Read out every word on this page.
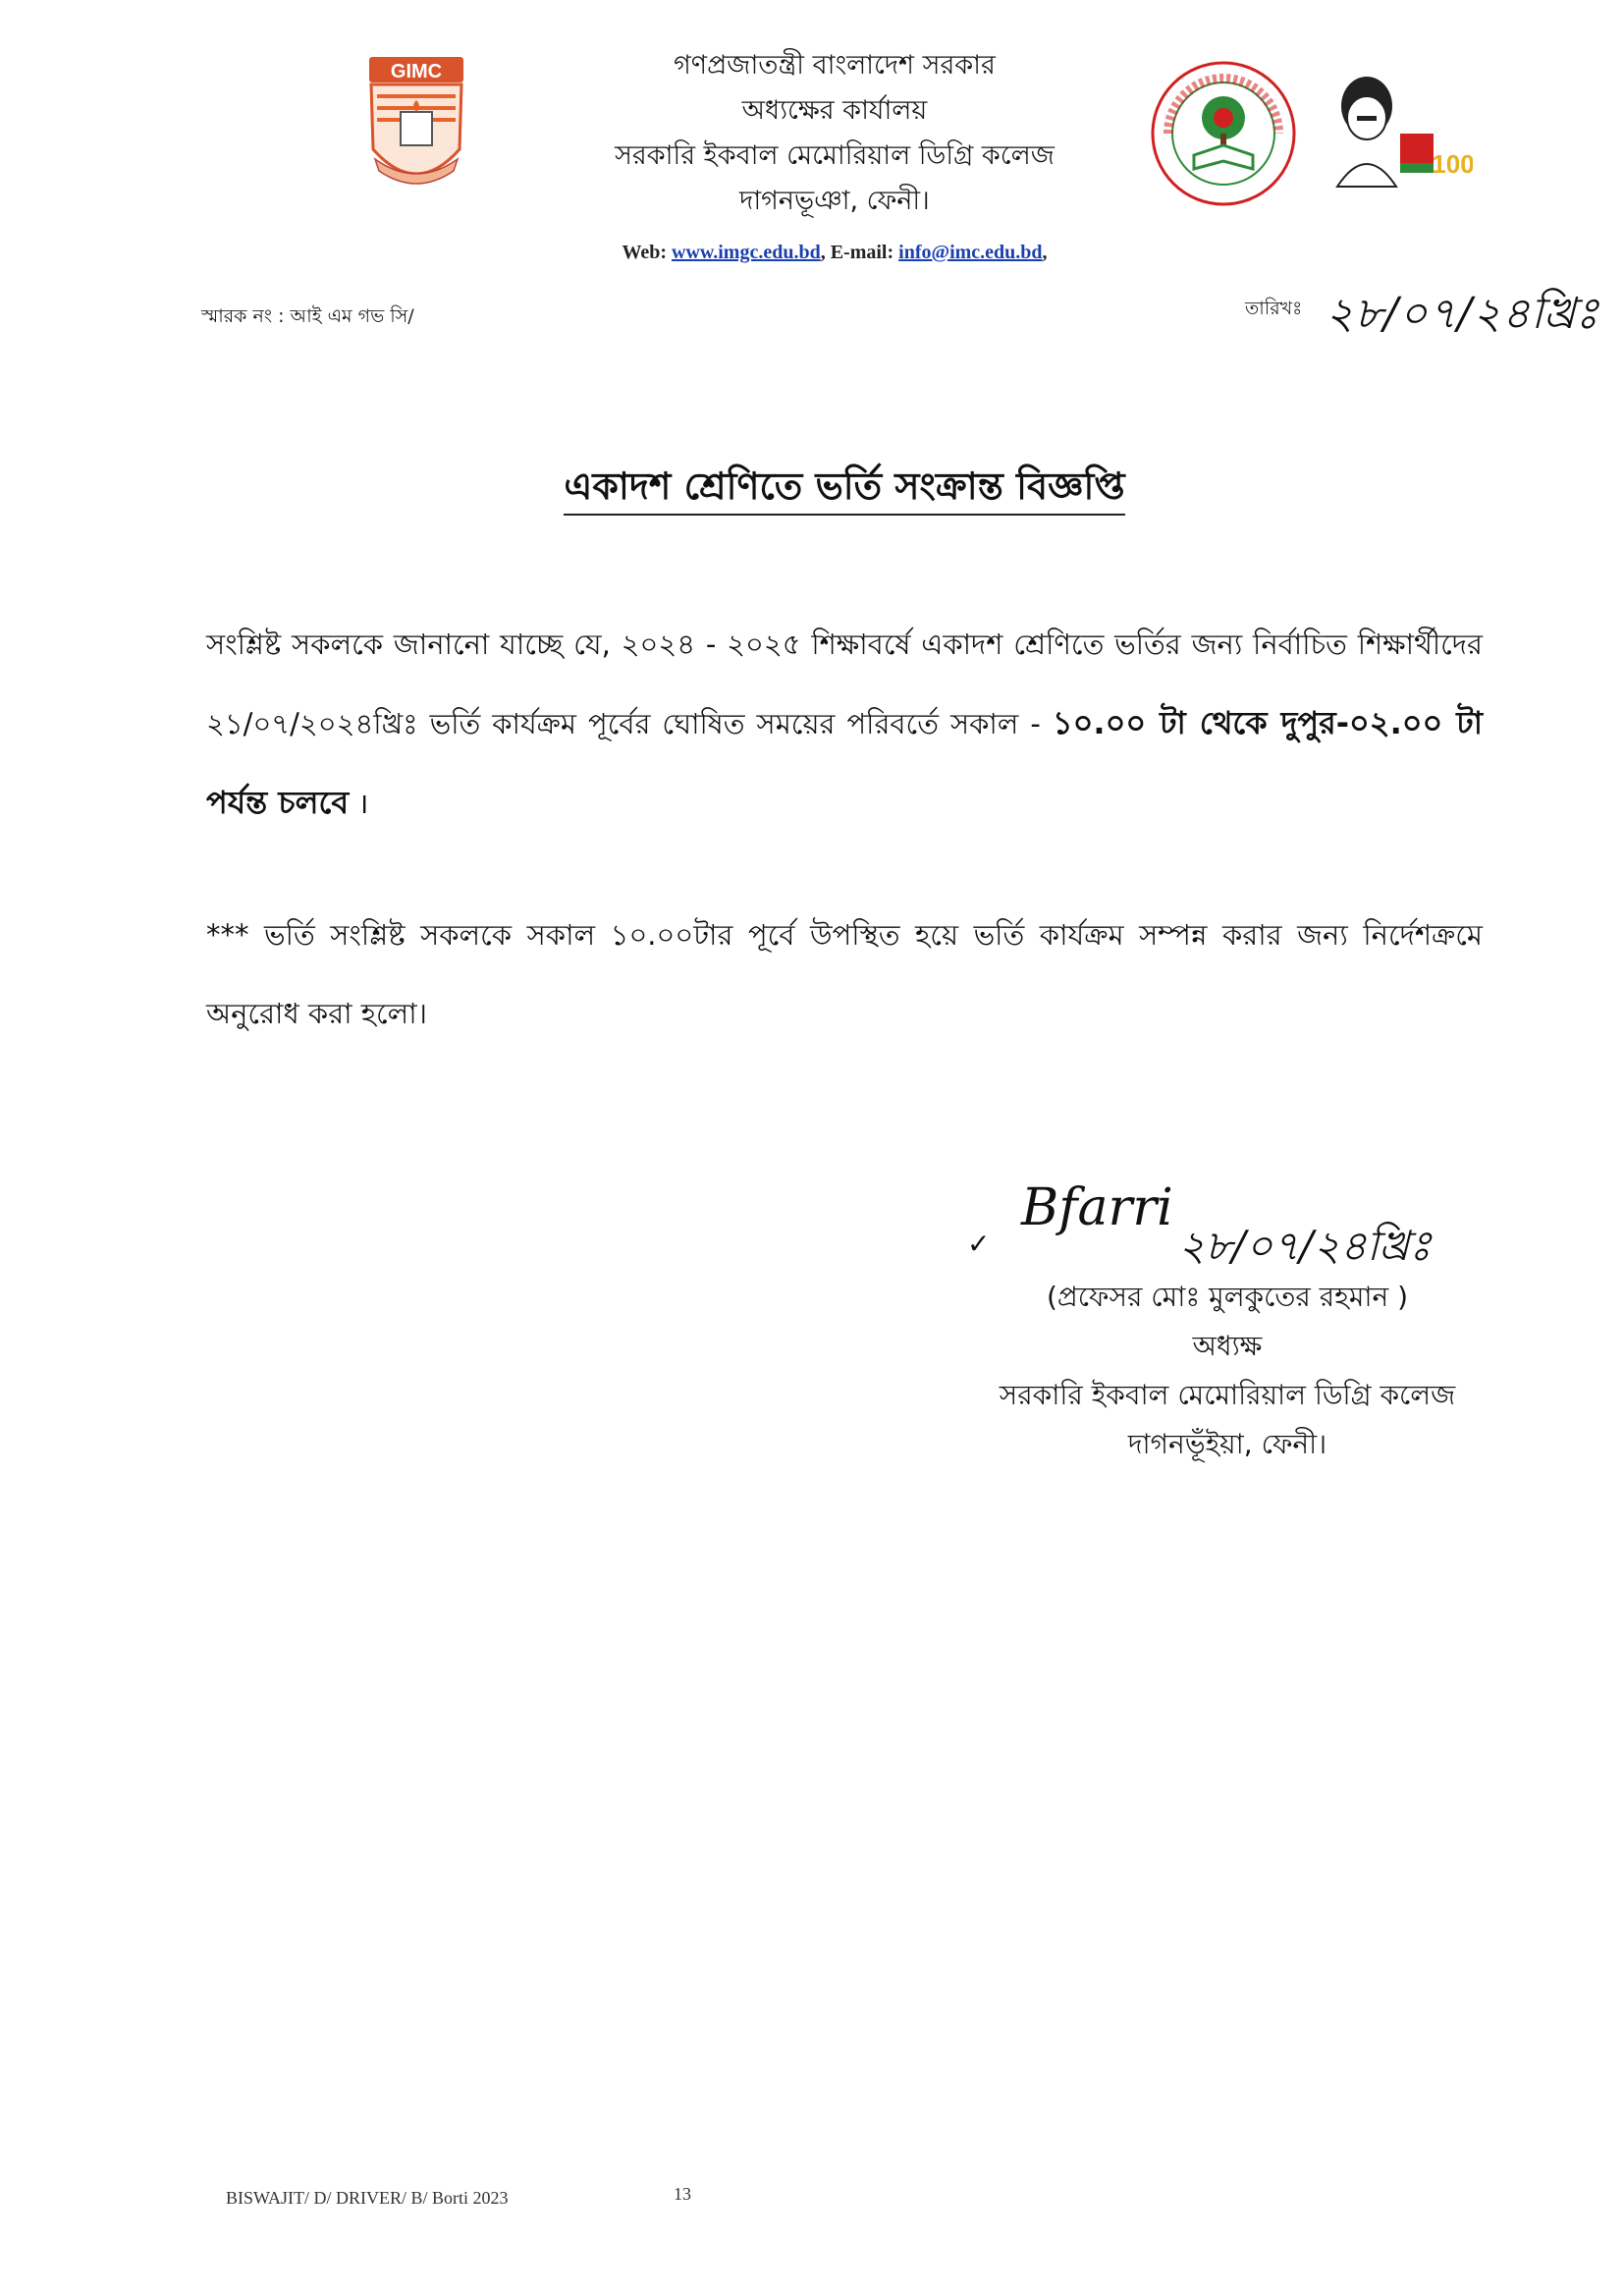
GIMC	গণপ্রজাতন্ত্রী বাংলাদেশ সরকার
অধ্যক্ষের কার্যালয়
সরকারি ইকবাল মেমোরিয়াল ডিগ্রি কলেজ
দাগনভূঞা, ফেনী।
Web: www.imgc.edu.bd, E-mail: info@imc.edu.bd,
100
স্মারক নং : আই এম গভ সি/	তারিখঃ ২৮/০৭/২৪খ্রিঃ
একাদশ শ্রেণিতে ভর্তি সংক্রান্ত বিজ্ঞপ্তি
সংশ্লিষ্ট সকলকে জানানো যাচ্ছে যে, ২০২৪ - ২০২৫ শিক্ষাবর্ষে একাদশ শ্রেণিতে ভর্তির জন্য নির্বাচিত শিক্ষার্থীদের ২১/০৭/২০২৪খ্রিঃ ভর্তি কার্যক্রম পূর্বের ঘোষিত সময়ের পরিবর্তে সকাল - ১০.০০ টা থেকে দুপুর-০২.০০ টা পর্যন্ত চলবে ।
*** ভর্তি সংশ্লিষ্ট সকলকে সকাল ১০.০০টার পূর্বে উপস্থিত হয়ে ভর্তি কার্যক্রম সম্পন্ন করার জন্য নির্দেশক্রমে অনুরোধ করা হলো।
✓
Bfarri
২৮/০৭/২৪খ্রিঃ
(প্রফেসর মোঃ মুলকুতের রহমান )
অধ্যক্ষ
সরকারি ইকবাল মেমোরিয়াল ডিগ্রি কলেজ
দাগনভূঁইয়া, ফেনী।
BISWAJIT/ D/ DRIVER/ B/ Borti 2023	13
